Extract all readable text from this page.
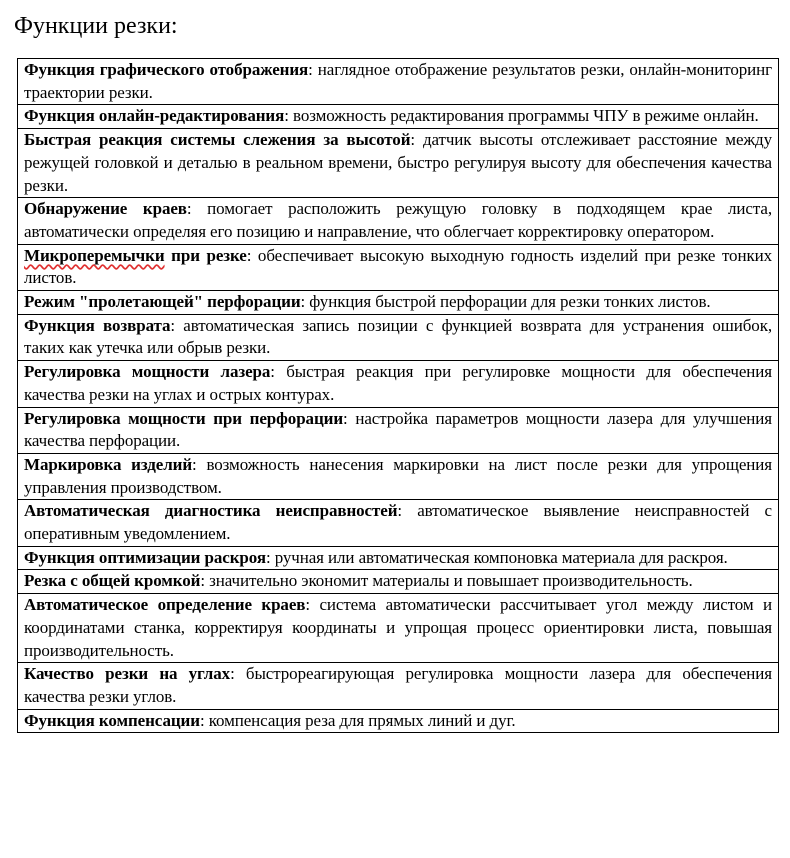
Функции резки:
Функция графического отображения: наглядное отображение результатов резки, онлайн-мониторинг траектории резки.
Функция онлайн-редактирования: возможность редактирования программы ЧПУ в режиме онлайн.
Быстрая реакция системы слежения за высотой: датчик высоты отслеживает расстояние между режущей головкой и деталью в реальном времени, быстро регулируя высоту для обеспечения качества резки.
Обнаружение краев: помогает расположить режущую головку в подходящем крае листа, автоматически определяя его позицию и направление, что облегчает корректировку оператором.
Микроперемычки при резке: обеспечивает высокую выходную годность изделий при резке тонких листов.
Режим "пролетающей" перфорации: функция быстрой перфорации для резки тонких листов.
Функция возврата: автоматическая запись позиции с функцией возврата для устранения ошибок, таких как утечка или обрыв резки.
Регулировка мощности лазера: быстрая реакция при регулировке мощности для обеспечения качества резки на углах и острых контурах.
Регулировка мощности при перфорации: настройка параметров мощности лазера для улучшения качества перфорации.
Маркировка изделий: возможность нанесения маркировки на лист после резки для упрощения управления производством.
Автоматическая диагностика неисправностей: автоматическое выявление неисправностей с оперативным уведомлением.
Функция оптимизации раскроя: ручная или автоматическая компоновка материала для раскроя.
Резка с общей кромкой: значительно экономит материалы и повышает производительность.
Автоматическое определение краев: система автоматически рассчитывает угол между листом и координатами станка, корректируя координаты и упрощая процесс ориентировки листа, повышая производительность.
Качество резки на углах: быстрореагирующая регулировка мощности лазера для обеспечения качества резки углов.
Функция компенсации: компенсация реза для прямых линий и дуг.
